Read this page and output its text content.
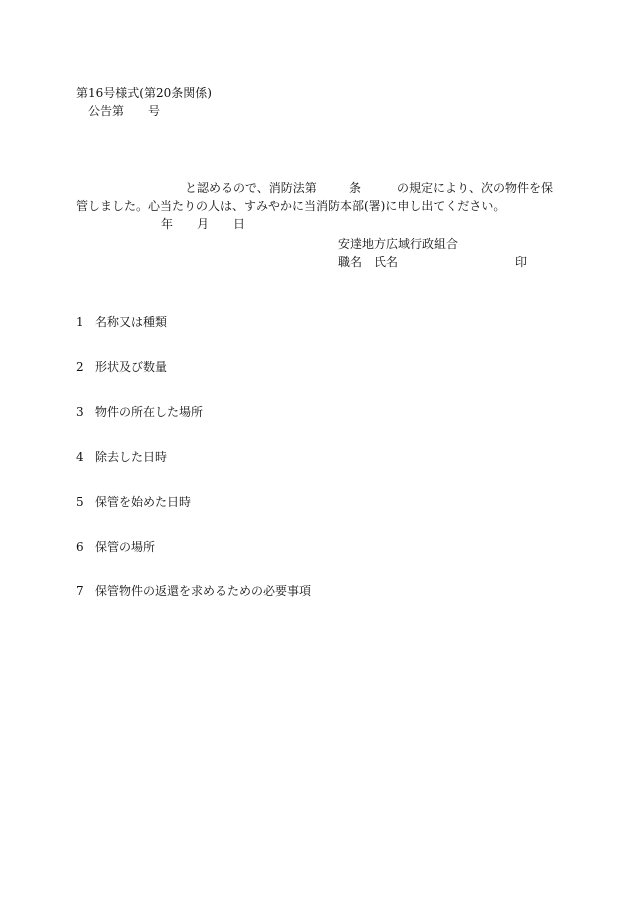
第16号様式(第20条関係)

公告第　　号

と認めるので、消防法第	条	の規定により、次の物件を保

管しました。心当たりの人は、すみやかに当消防本部(署)に申し出てください。

年 月 日

安達地方広域行政組合

職名 氏名	印

1 名称又は種類

2 形状及び数量

3 物件の所在した場所

4 除去した日時

5 保管を始めた日時

6 保管の場所

7 保管物件の返還を求めるための必要事項
